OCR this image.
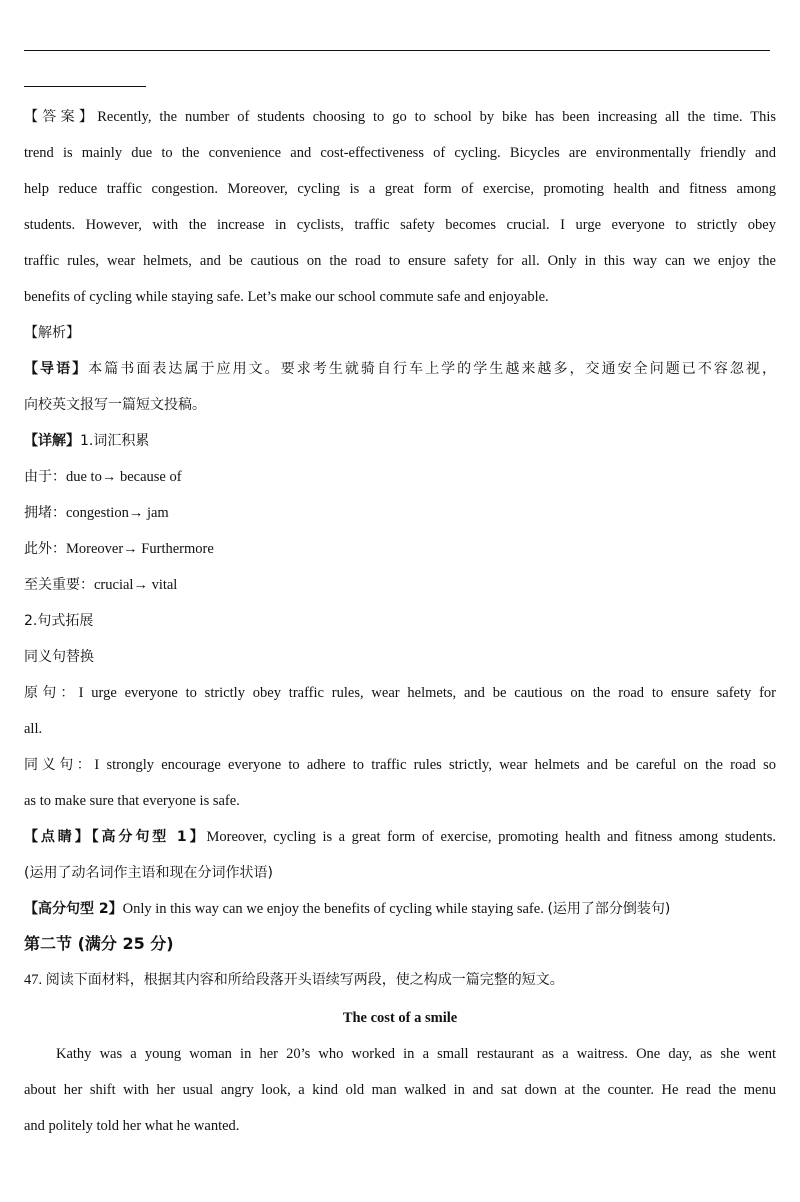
【答案】Recently, the number of students choosing to go to school by bike has been increasing all the time. This
trend is mainly due to the convenience and cost-effectiveness of cycling. Bicycles are environmentally friendly and
help reduce traffic congestion. Moreover, cycling is a great form of exercise, promoting health and fitness among
students. However, with the increase in cyclists, traffic safety becomes crucial. I urge everyone to strictly obey
traffic rules, wear helmets, and be cautious on the road to ensure safety for all. Only in this way can we enjoy the
benefits of cycling while staying safe. Let’s make our school commute safe and enjoyable.
【解析】
【导语】本篇书面表达属于应用文。要求考生就骑自行车上学的学生越来越多，交通安全问题已不容忽视，
向校英文报写一篇短文投稿。
【详解】1.词汇积累
由于：due to→ because of
拥堵：congestion→ jam
此外：Moreover→ Furthermore
至关重要：crucial→ vital
2.句式拓展
同义句替换
原句：I urge everyone to strictly obey traffic rules, wear helmets, and be cautious on the road to ensure safety for
all.
同义句：I strongly encourage everyone to adhere to traffic rules strictly, wear helmets and be careful on the road so
as to make sure that everyone is safe.
【点睛】【高分句型 1】Moreover, cycling is a great form of exercise, promoting health and fitness among students.
(运用了动名词作主语和现在分词作状语)
【高分句型 2】Only in this way can we enjoy the benefits of cycling while staying safe. (运用了部分倒装句)
第二节 (满分 25 分)
47. 阅读下面材料，根据其内容和所给段落开头语续写两段，使之构成一篇完整的短文。
The cost of a smile
Kathy was a young woman in her 20’s who worked in a small restaurant as a waitress. One day, as she went
about her shift with her usual angry look, a kind old man walked in and sat down at the counter. He read the menu
and politely told her what he wanted.
